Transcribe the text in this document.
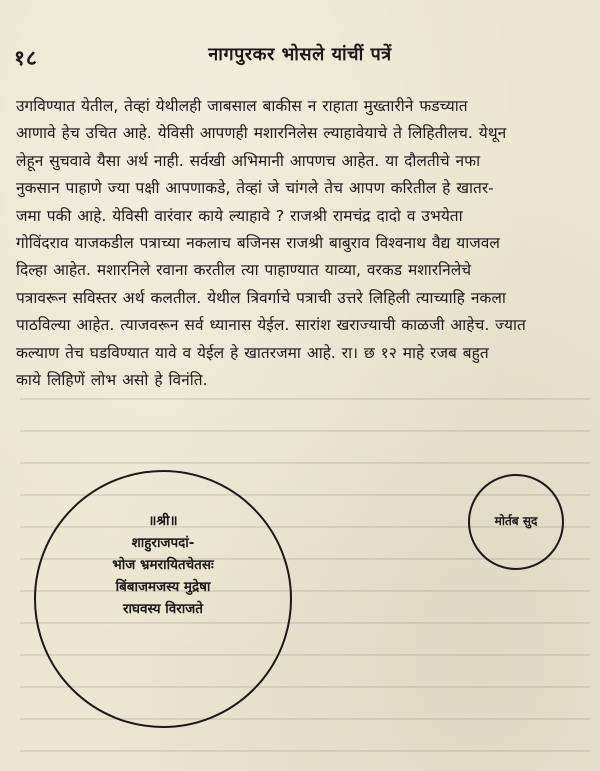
१८	नागपुरकर भोसले यांचीं पत्रें
उगविण्यात येतील, तेव्हां येथीलही जाबसाल बाकीस न राहाता मुख्तारीने फडच्यात
आणावे हेच उचित आहे. येविसी आपणही मशारनिलेस ल्याहावेयाचे ते लिहितीलच. येथून
लेहून सुचवावे यैसा अर्थ नाही. सर्वखी अभिमानी आपणच आहेत. या दौलतीचे नफा
नुकसान पाहाणे ज्या पक्षी आपणाकडे, तेव्हां जे चांगले तेच आपण करितील हे खातर-
जमा पकी आहे. येविसी वारंवार काये ल्याहावे ? राजश्री रामचंद्र दादो व उभयेता
गोविंदराव याजकडील पत्राच्या नकलाच बजिनस राजश्री बाबुराव विश्वनाथ वैद्य याजवल
दिल्हा आहेत. मशारनिले रवाना करतील त्या पाहाण्यात याव्या, वरकड मशारनिलेचे
पत्रावरून सविस्तर अर्थ कलतील. येथील त्रिवर्गाचे पत्राची उत्तरे लिहिली त्याच्याहि नकला
पाठविल्या आहेत. त्याजवरून सर्व ध्यानास येईल. सारांश खराज्याची काळजी आहेच. ज्यात
कल्याण तेच घडविण्यात यावे व येईल हे खातरजमा आहे. रा। छ १२ माहे रजब बहुत
काये लिहिणें लोभ असो हे विनंति.
॥श्री॥
शाहुराजपदां-
भोज भ्रमरायितचेतसः
बिंबाजमजस्य मुद्रेषा
राघवस्य विराजते
मोर्तब सुद
